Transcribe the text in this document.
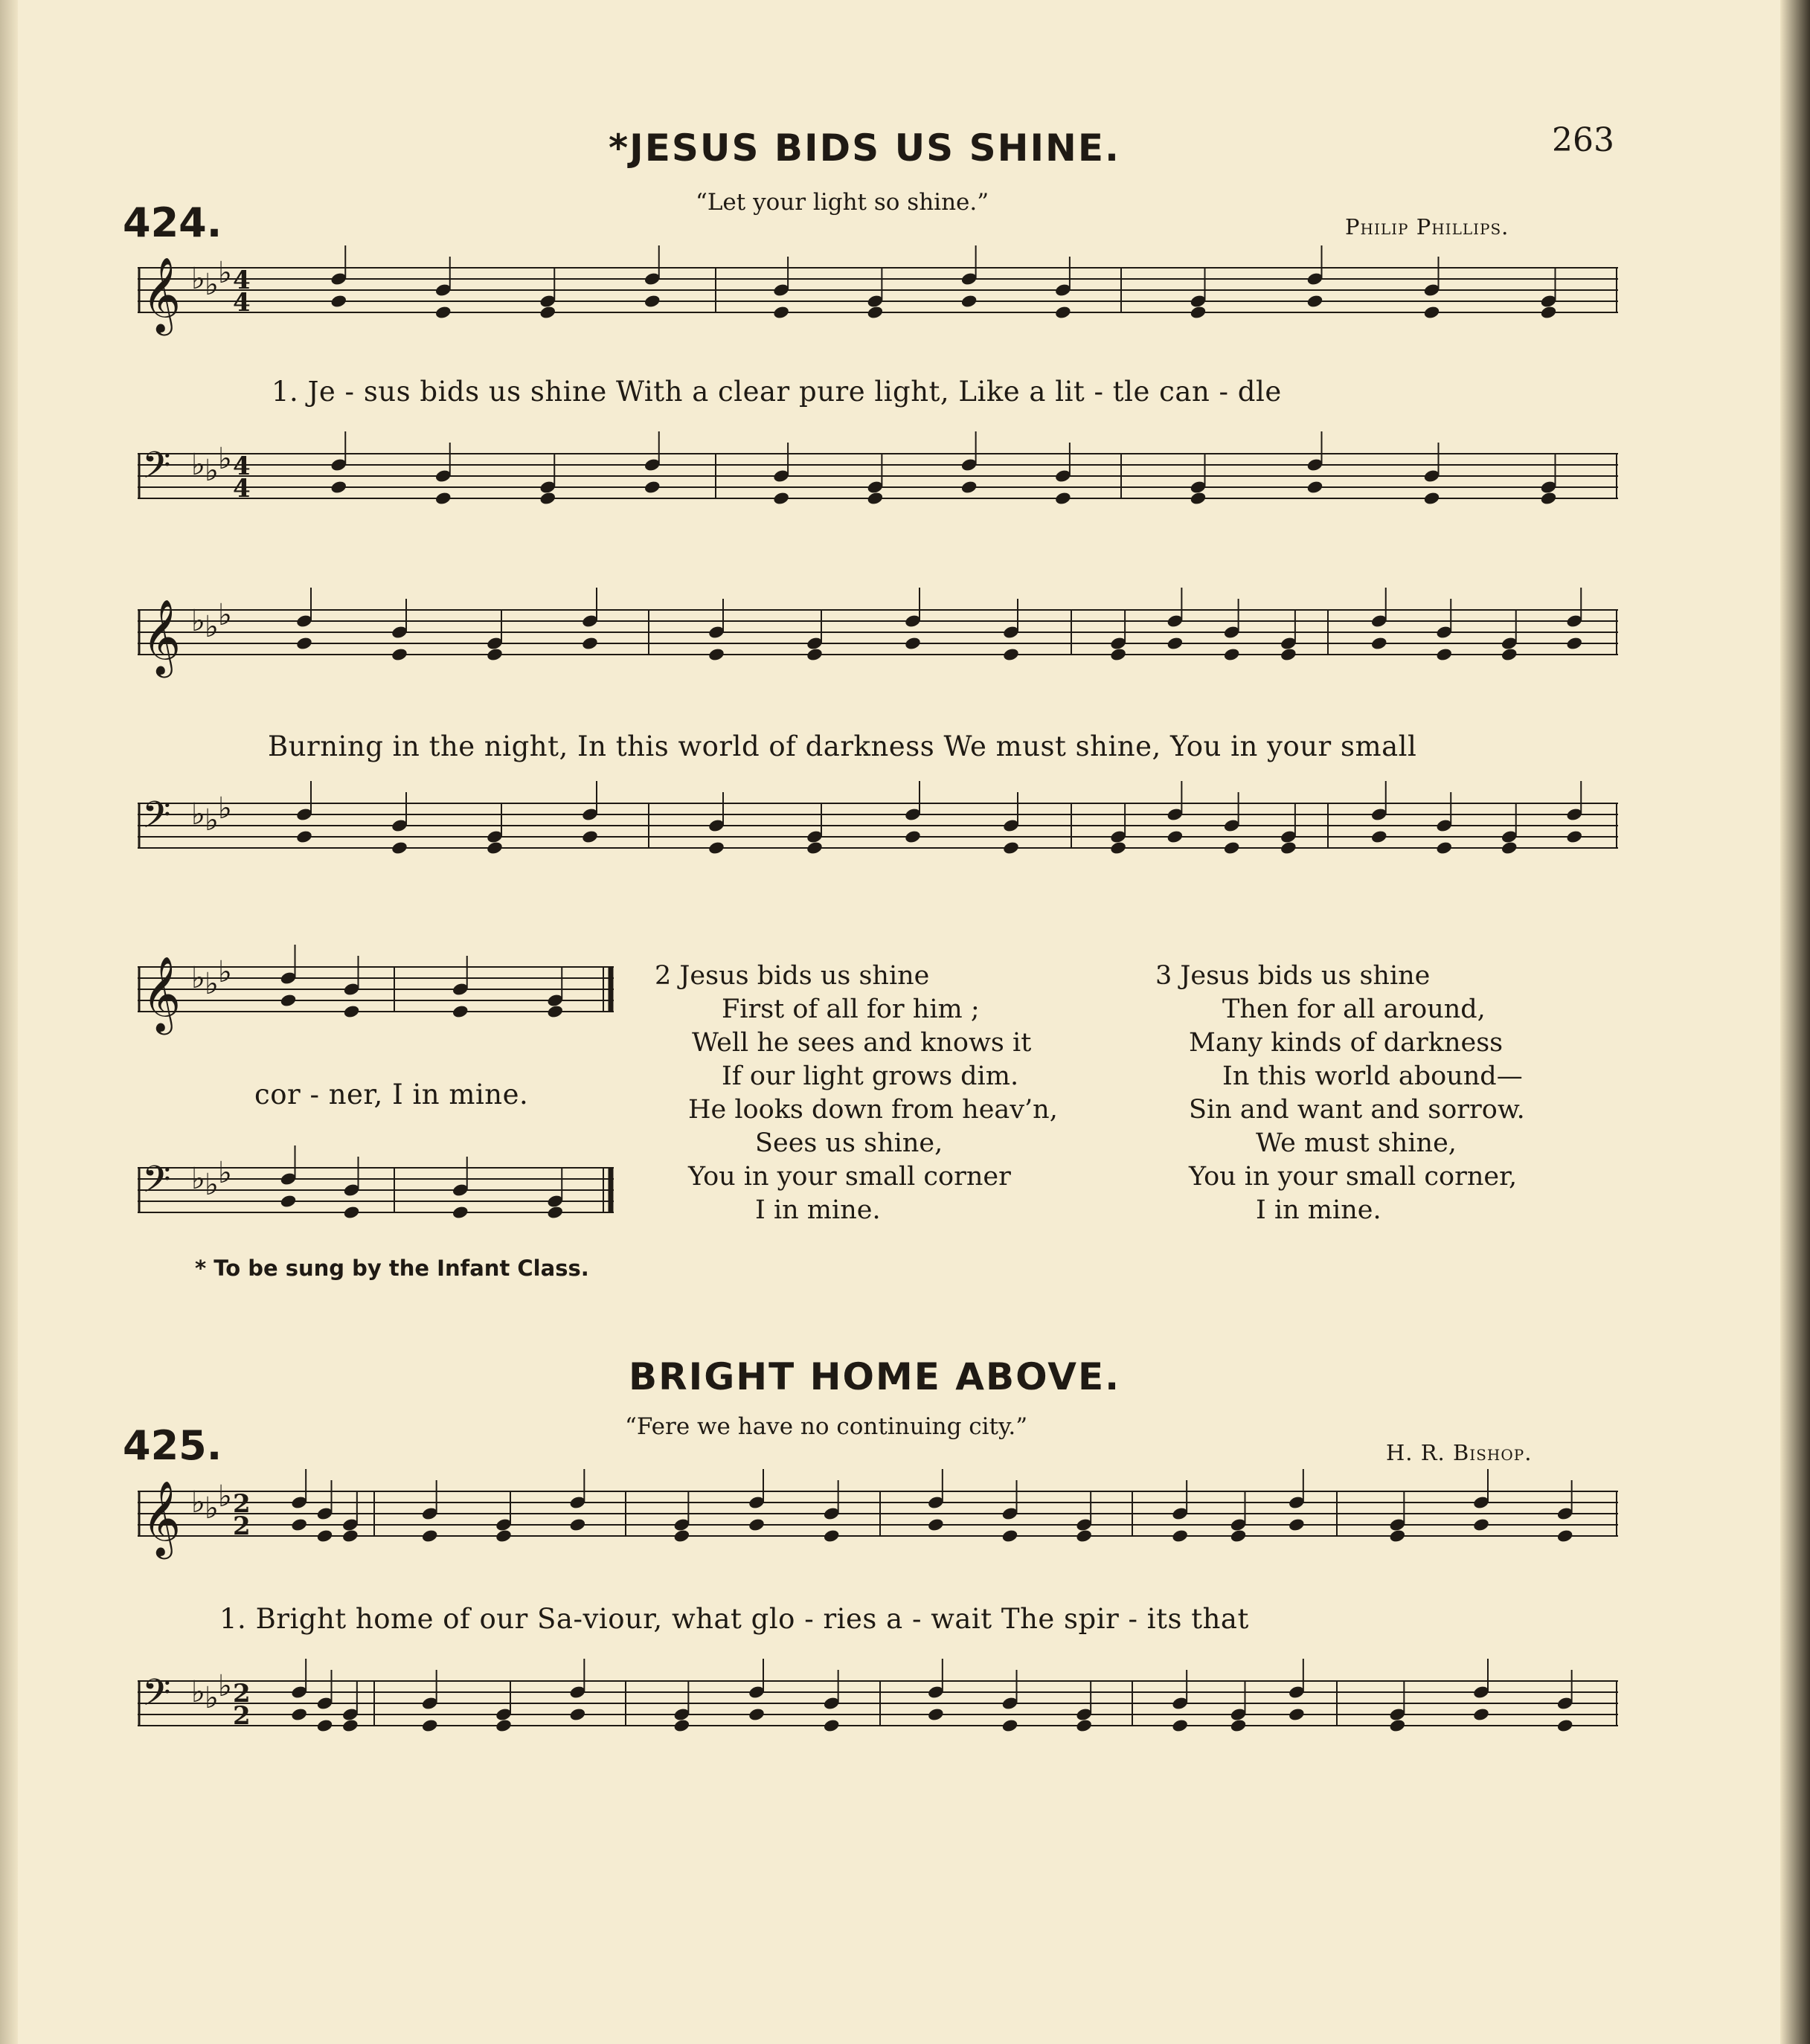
*JESUS BIDS US SHINE.	263
“Let your light so shine.”
424.	Philip Phillips.
𝄞 ♭ ♭ ♭ 4
4
1. Je - sus bids us shine With a clear pure light, Like a lit - tle can - dle
𝄢 ♭ ♭ ♭ 4
4
𝄞 ♭ ♭ ♭
Burning in the night, In this world of darkness We must shine, You in your small
𝄢 ♭ ♭ ♭
𝄞 ♭ ♭ ♭
cor - ner, I in mine.
𝄢 ♭ ♭ ♭
2 Jesus bids us shine
First of all for him ;
Well he sees and knows it
If our light grows dim.
He looks down from heav’n,
Sees us shine,
You in your small corner
I in mine.
3 Jesus bids us shine
Then for all around,
Many kinds of darkness
In this world abound—
Sin and want and sorrow.
We must shine,
You in your small corner,
I in mine.
* To be sung by the Infant Class.
BRIGHT HOME ABOVE.
“Fere we have no continuing city.”
425.	H. R. Bishop.
𝄞 ♭ ♭ ♭ 2
2
1. Bright home of our Sa-viour, what glo - ries a - wait The spir - its that
𝄢 ♭ ♭ ♭ 2
2
